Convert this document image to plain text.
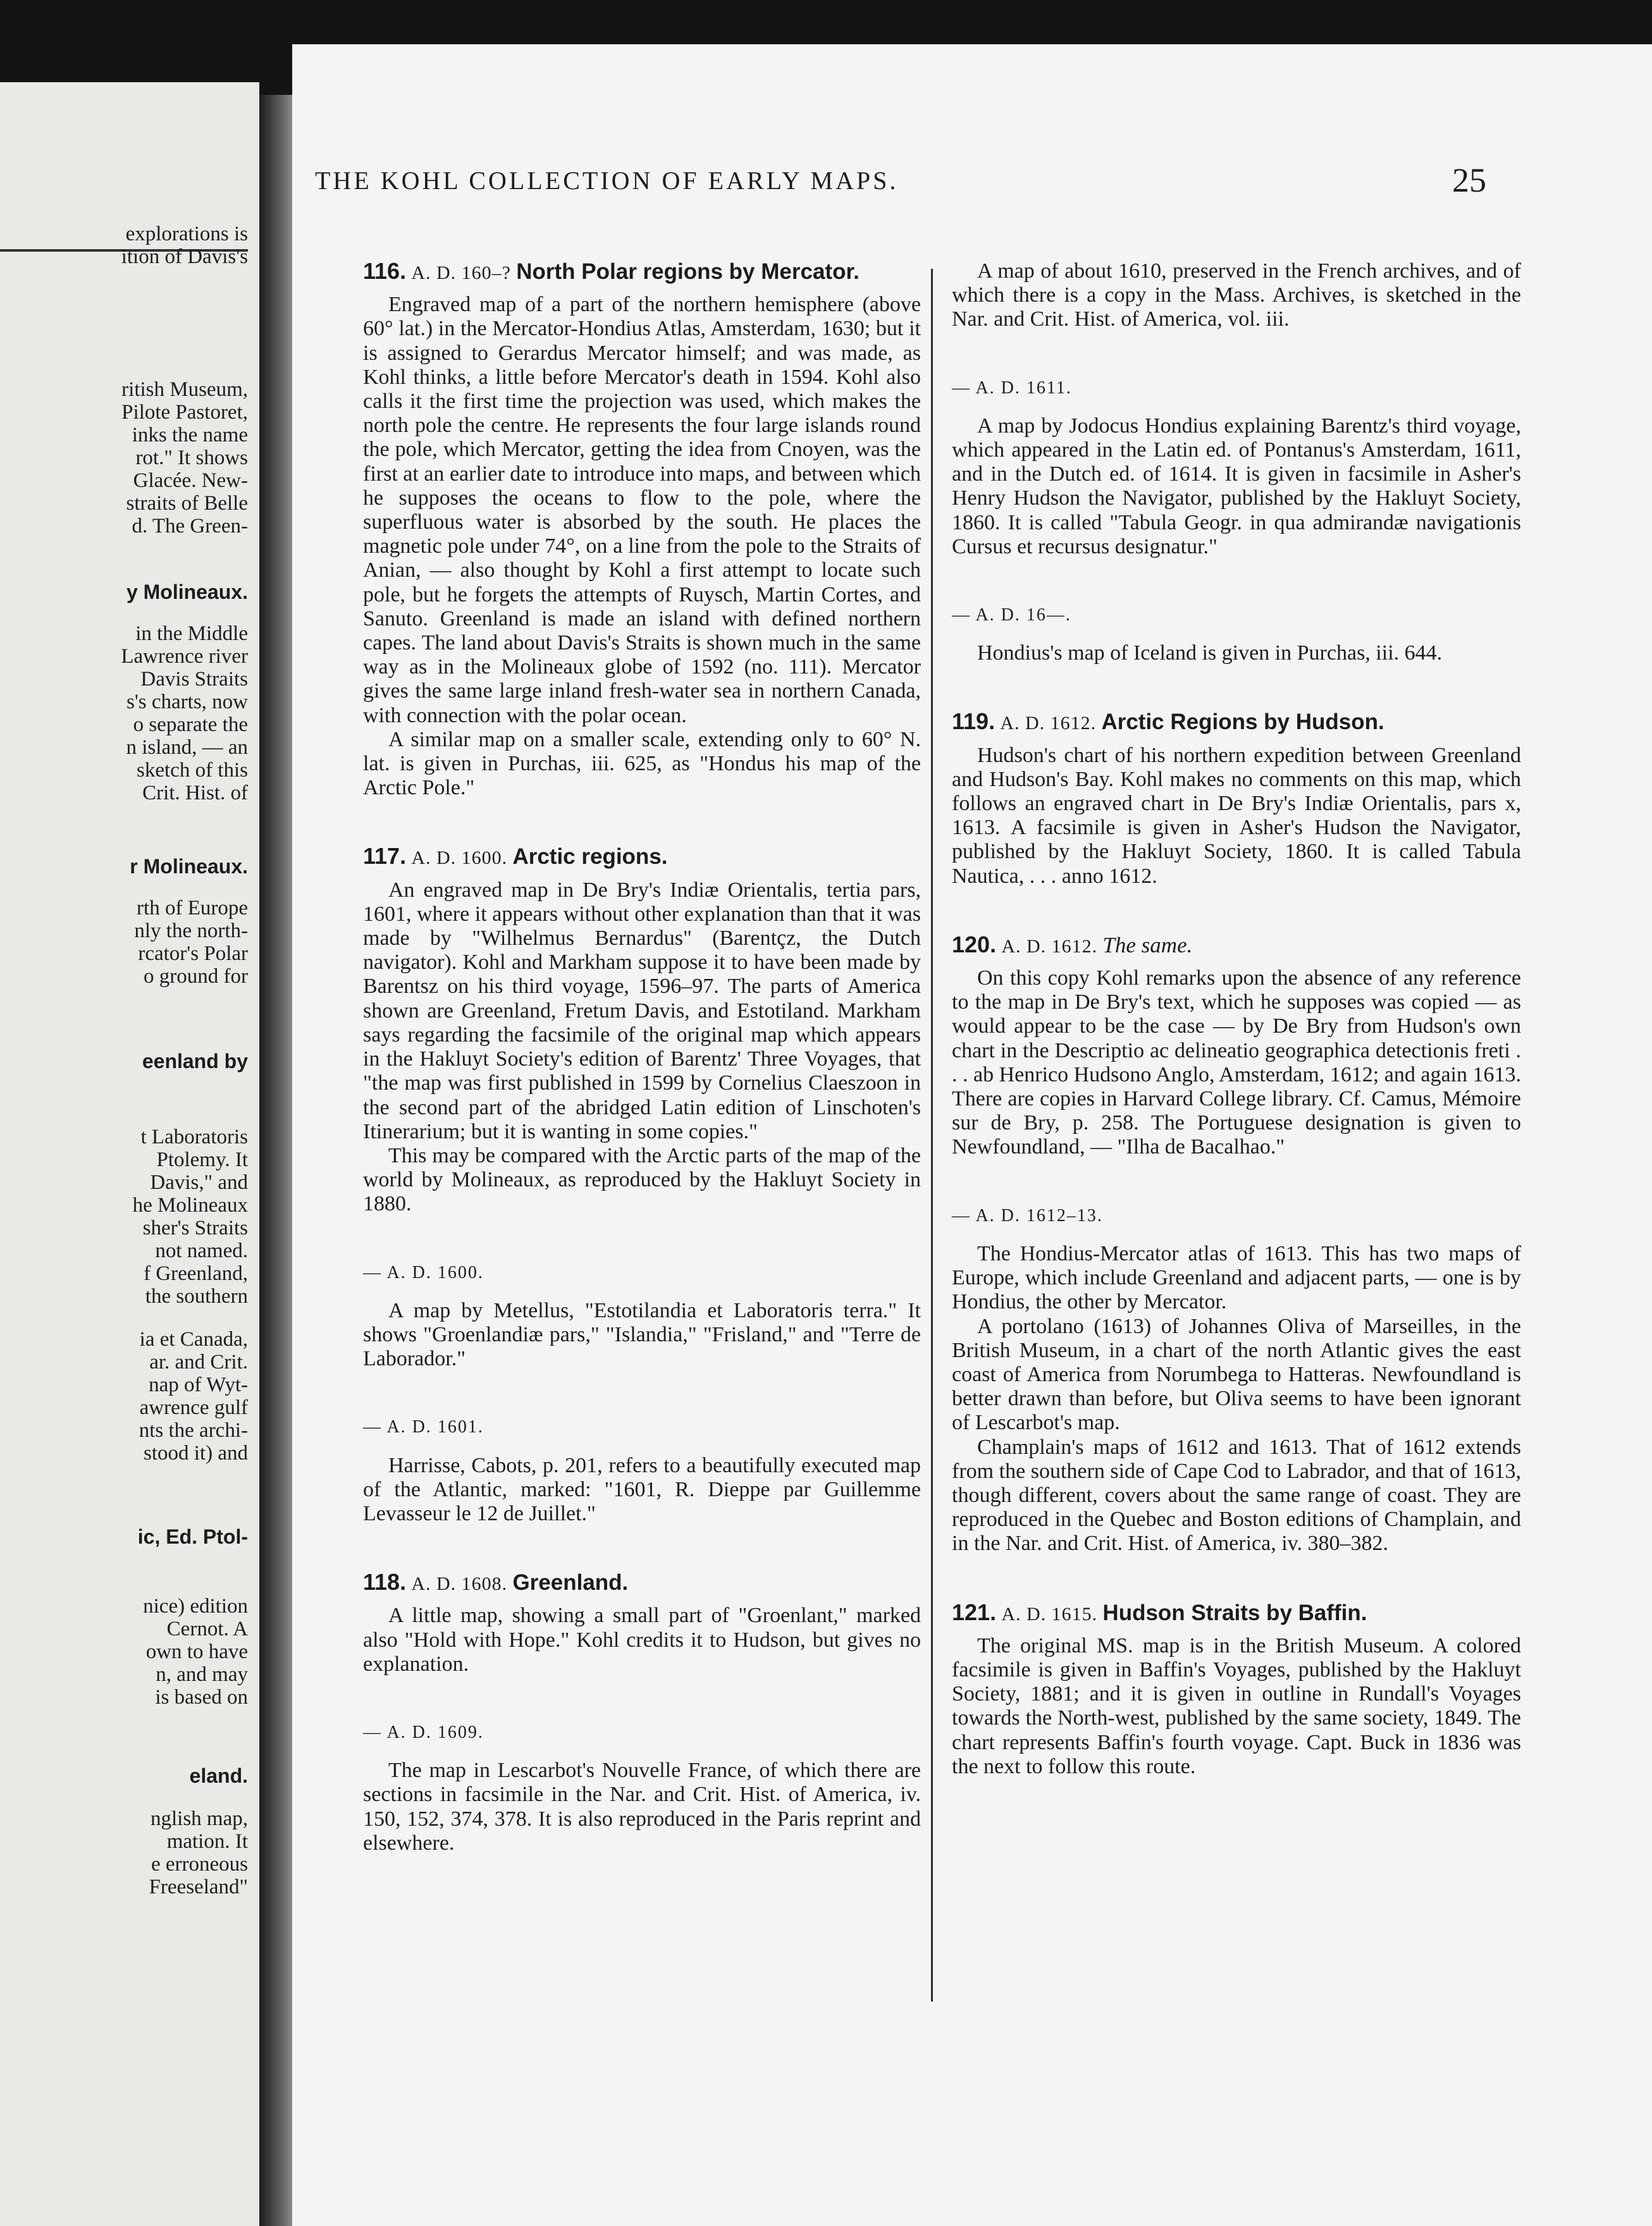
explorations is
ition of Davis's
ritish Museum,
Pilote Pastoret,
inks the name
rot." It shows
Glacée. New-
straits of Belle
d. The Green-
y Molineaux.
in the Middle
Lawrence river
Davis Straits
s's charts, now
o separate the
n island, — an
sketch of this
Crit. Hist. of
r Molineaux.
rth of Europe
nly the north-
rcator's Polar
o ground for
eenland by
t Laboratoris
Ptolemy. It
Davis," and
he Molineaux
sher's Straits
not named.
f Greenland,
the southern
ia et Canada,
ar. and Crit.
nap of Wyt-
awrence gulf
nts the archi-
stood it) and
ic, Ed. Ptol-
nice) edition
Cernot. A
own to have
n, and may
is based on
eland.
nglish map,
mation. It
e erroneous
Freeseland"
THE KOHL COLLECTION OF EARLY MAPS.	25
116. A. D. 160–? North Polar regions by Mercator.

Engraved map of a part of the northern hemisphere (above 60° lat.) in the Mercator-Hondius Atlas, Amsterdam, 1630; but it is assigned to Gerardus Mercator himself; and was made, as Kohl thinks, a little before Mercator's death in 1594. Kohl also calls it the first time the projection was used, which makes the north pole the centre. He represents the four large islands round the pole, which Mercator, getting the idea from Cnoyen, was the first at an earlier date to introduce into maps, and between which he supposes the oceans to flow to the pole, where the superfluous water is absorbed by the south. He places the magnetic pole under 74°, on a line from the pole to the Straits of Anian, — also thought by Kohl a first attempt to locate such pole, but he forgets the attempts of Ruysch, Martin Cortes, and Sanuto. Greenland is made an island with defined northern capes. The land about Davis's Straits is shown much in the same way as in the Molineaux globe of 1592 (no. 111). Mercator gives the same large inland fresh-water sea in northern Canada, with connection with the polar ocean.

A similar map on a smaller scale, extending only to 60° N. lat. is given in Purchas, iii. 625, as "Hondus his map of the Arctic Pole."

117. A. D. 1600. Arctic regions.

An engraved map in De Bry's Indiæ Orientalis, tertia pars, 1601, where it appears without other explanation than that it was made by "Wilhelmus Bernardus" (Barentçz, the Dutch navigator). Kohl and Markham suppose it to have been made by Barentsz on his third voyage, 1596–97. The parts of America shown are Greenland, Fretum Davis, and Estotiland. Markham says regarding the facsimile of the original map which appears in the Hakluyt Society's edition of Barentz' Three Voyages, that "the map was first published in 1599 by Cornelius Claeszoon in the second part of the abridged Latin edition of Linschoten's Itinerarium; but it is wanting in some copies."

This may be compared with the Arctic parts of the map of the world by Molineaux, as reproduced by the Hakluyt Society in 1880.

— A. D. 1600.

A map by Metellus, "Estotilandia et Laboratoris terra." It shows "Groenlandiæ pars," "Islandia," "Frisland," and "Terre de Laborador."

— A. D. 1601.

Harrisse, Cabots, p. 201, refers to a beautifully executed map of the Atlantic, marked: "1601, R. Dieppe par Guillemme Levasseur le 12 de Juillet."

118. A. D. 1608. Greenland.

A little map, showing a small part of "Groenlant," marked also "Hold with Hope." Kohl credits it to Hudson, but gives no explanation.

— A. D. 1609.

The map in Lescarbot's Nouvelle France, of which there are sections in facsimile in the Nar. and Crit. Hist. of America, iv. 150, 152, 374, 378. It is also reproduced in the Paris reprint and elsewhere.

A map of about 1610, preserved in the French archives, and of which there is a copy in the Mass. Archives, is sketched in the Nar. and Crit. Hist. of America, vol. iii.

— A. D. 1611.

A map by Jodocus Hondius explaining Barentz's third voyage, which appeared in the Latin ed. of Pontanus's Amsterdam, 1611, and in the Dutch ed. of 1614. It is given in facsimile in Asher's Henry Hudson the Navigator, published by the Hakluyt Society, 1860. It is called "Tabula Geogr. in qua admirandæ navigationis Cursus et recursus designatur."

— A. D. 16—.

Hondius's map of Iceland is given in Purchas, iii. 644.

119. A. D. 1612. Arctic Regions by Hudson.

Hudson's chart of his northern expedition between Greenland and Hudson's Bay. Kohl makes no comments on this map, which follows an engraved chart in De Bry's Indiæ Orientalis, pars x, 1613. A facsimile is given in Asher's Hudson the Navigator, published by the Hakluyt Society, 1860. It is called Tabula Nautica, . . . anno 1612.

120. A. D. 1612. The same.

On this copy Kohl remarks upon the absence of any reference to the map in De Bry's text, which he supposes was copied — as would appear to be the case — by De Bry from Hudson's own chart in the Descriptio ac delineatio geographica detectionis freti . . . ab Henrico Hudsono Anglo, Amsterdam, 1612; and again 1613. There are copies in Harvard College library. Cf. Camus, Mémoire sur de Bry, p. 258. The Portuguese designation is given to Newfoundland, — "Ilha de Bacalhao."

— A. D. 1612–13.

The Hondius-Mercator atlas of 1613. This has two maps of Europe, which include Greenland and adjacent parts, — one is by Hondius, the other by Mercator.

A portolano (1613) of Johannes Oliva of Marseilles, in the British Museum, in a chart of the north Atlantic gives the east coast of America from Norumbega to Hatteras. Newfoundland is better drawn than before, but Oliva seems to have been ignorant of Lescarbot's map.

Champlain's maps of 1612 and 1613. That of 1612 extends from the southern side of Cape Cod to Labrador, and that of 1613, though different, covers about the same range of coast. They are reproduced in the Quebec and Boston editions of Champlain, and in the Nar. and Crit. Hist. of America, iv. 380–382.

121. A. D. 1615. Hudson Straits by Baffin.

The original MS. map is in the British Museum. A colored facsimile is given in Baffin's Voyages, published by the Hakluyt Society, 1881; and it is given in outline in Rundall's Voyages towards the North-west, published by the same society, 1849. The chart represents Baffin's fourth voyage. Capt. Buck in 1836 was the next to follow this route.
